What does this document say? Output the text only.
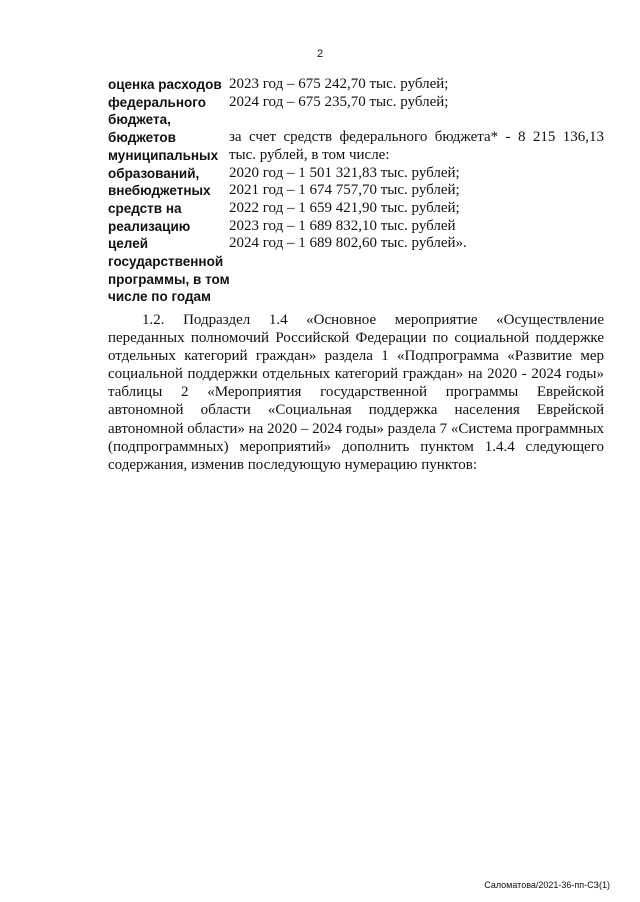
2
оценка расходов
федерального
бюджета,
бюджетов
муниципальных
образований,
внебюджетных
средств на
реализацию
целей
государственной
программы, в том
числе по годам
2023 год – 675 242,70 тыс. рублей;
2024 год – 675 235,70 тыс. рублей;
за счет средств федерального бюджета* - 8 215 136,13
тыс. рублей, в том числе:
2020 год – 1 501 321,83 тыс. рублей;
2021 год – 1 674 757,70 тыс. рублей;
2022 год – 1 659 421,90 тыс. рублей;
2023 год – 1 689 832,10 тыс. рублей
2024 год – 1 689 802,60 тыс. рублей».

1.2. Подраздел 1.4 «Основное мероприятие «Осуществление
переданных полномочий Российской Федерации по социальной поддержке
отдельных категорий граждан» раздела 1 «Подпрограмма «Развитие мер
социальной поддержки отдельных категорий граждан» на 2020 - 2024 годы»
таблицы 2 «Мероприятия государственной программы Еврейской
автономной области «Социальная поддержка населения Еврейской
автономной области» на 2020 – 2024 годы» раздела 7 «Система программных
(подпрограммных) мероприятий» дополнить пунктом 1.4.4 следующего
содержания, изменив последующую нумерацию пунктов:

Саломатова/2021-36-пп-СЗ(1)
